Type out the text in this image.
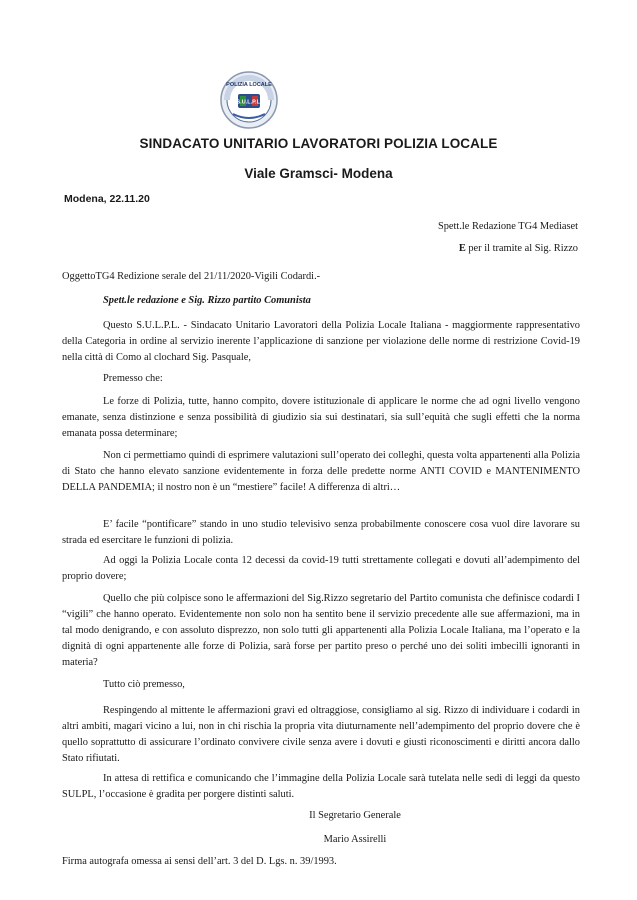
POLIZIA LOCALE
S.U.L.P.L.
SINDACATO UNITARIO LAVORATORI POLIZIA LOCALE
Viale Gramsci- Modena
Modena, 22.11.20
Spett.le Redazione TG4 Mediaset
E per il tramite al Sig. Rizzo
OggettoTG4 Redizione serale del 21/11/2020-Vigili Codardi.-
Spett.le redazione e Sig. Rizzo partito Comunista
Questo S.U.L.P.L. - Sindacato Unitario Lavoratori della Polizia Locale Italiana - maggiormente rappresentativo della Categoria in ordine al servizio inerente l’applicazione di sanzione per violazione delle norme di restrizione Covid-19 nella città di Como al clochard Sig. Pasquale,
Premesso che:
Le forze di Polizia, tutte, hanno compito, dovere istituzionale di applicare le norme che ad ogni livello vengono emanate, senza distinzione e senza possibilità di giudizio sia sui destinatari, sia sull’equità che sugli effetti che la norma emanata possa determinare;
Non ci permettiamo quindi di esprimere valutazioni sull’operato dei colleghi, questa volta appartenenti alla Polizia di Stato che hanno elevato sanzione evidentemente in forza delle predette norme ANTI COVID e MANTENIMENTO DELLA PANDEMIA; il nostro non è un “mestiere” facile! A differenza di altri…
E’ facile “pontificare” stando in uno studio televisivo senza probabilmente conoscere cosa vuol dire lavorare su strada ed esercitare le funzioni di polizia.
Ad oggi la Polizia Locale conta 12 decessi da covid-19 tutti strettamente collegati e dovuti all’adempimento del proprio dovere;
Quello che più colpisce sono le affermazioni del Sig.Rizzo segretario del Partito comunista che definisce codardi I “vigili” che hanno operato. Evidentemente non solo non ha sentito bene il servizio precedente alle sue affermazioni, ma in tal modo denigrando, e con assoluto disprezzo, non solo tutti gli appartenenti alla Polizia Locale Italiana, ma l’operato e la dignità di ogni appartenente alle forze di Polizia, sarà forse per partito preso o perché uno dei soliti imbecilli ignoranti in materia?
Tutto ciò premesso,
Respingendo al mittente le affermazioni gravi ed oltraggiose, consigliamo al sig. Rizzo di individuare i codardi in altri ambiti, magari vicino a lui, non in chi rischia la propria vita diuturnamente nell’adempimento del proprio dovere che è quello soprattutto di assicurare l’ordinato convivere civile senza avere i dovuti e giusti riconoscimenti e diritti ancora dallo Stato rifiutati.
In attesa di rettifica e comunicando che l’immagine della Polizia Locale sarà tutelata nelle sedi di leggi da questo SULPL, l’occasione è gradita per porgere distinti saluti.
Il Segretario Generale
Mario Assirelli
Firma autografa omessa ai sensi dell’art. 3 del D. Lgs. n. 39/1993.
